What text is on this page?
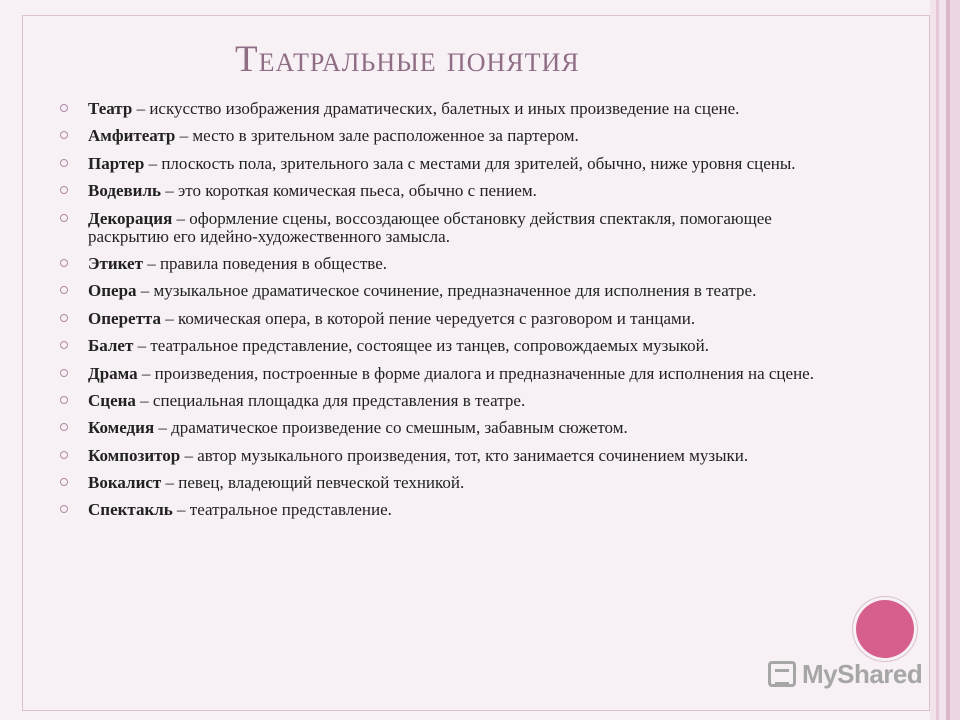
Театральные понятия
Театр – искусство изображения драматических, балетных и иных произведение на сцене.
Амфитеатр – место в зрительном зале расположенное за партером.
Партер – плоскость пола, зрительного зала с местами для зрителей, обычно, ниже уровня сцены.
Водевиль – это короткая комическая пьеса, обычно с пением.
Декорация – оформление сцены, воссоздающее обстановку действия спектакля, помогающее раскрытию его идейно-художественного замысла.
Этикет – правила поведения в обществе.
Опера – музыкальное драматическое сочинение, предназначенное для исполнения в театре.
Оперетта – комическая опера, в которой пение чередуется с разговором и танцами.
Балет – театральное представление, состоящее из танцев, сопровождаемых музыкой.
Драма – произведения, построенные в форме диалога и предназначенные для исполнения на сцене.
Сцена – специальная площадка для представления в театре.
Комедия – драматическое произведение со смешным, забавным сюжетом.
Композитор – автор музыкального произведения, тот, кто занимается сочинением музыки.
Вокалист – певец, владеющий певческой техникой.
Спектакль – театральное представление.
MyShared
